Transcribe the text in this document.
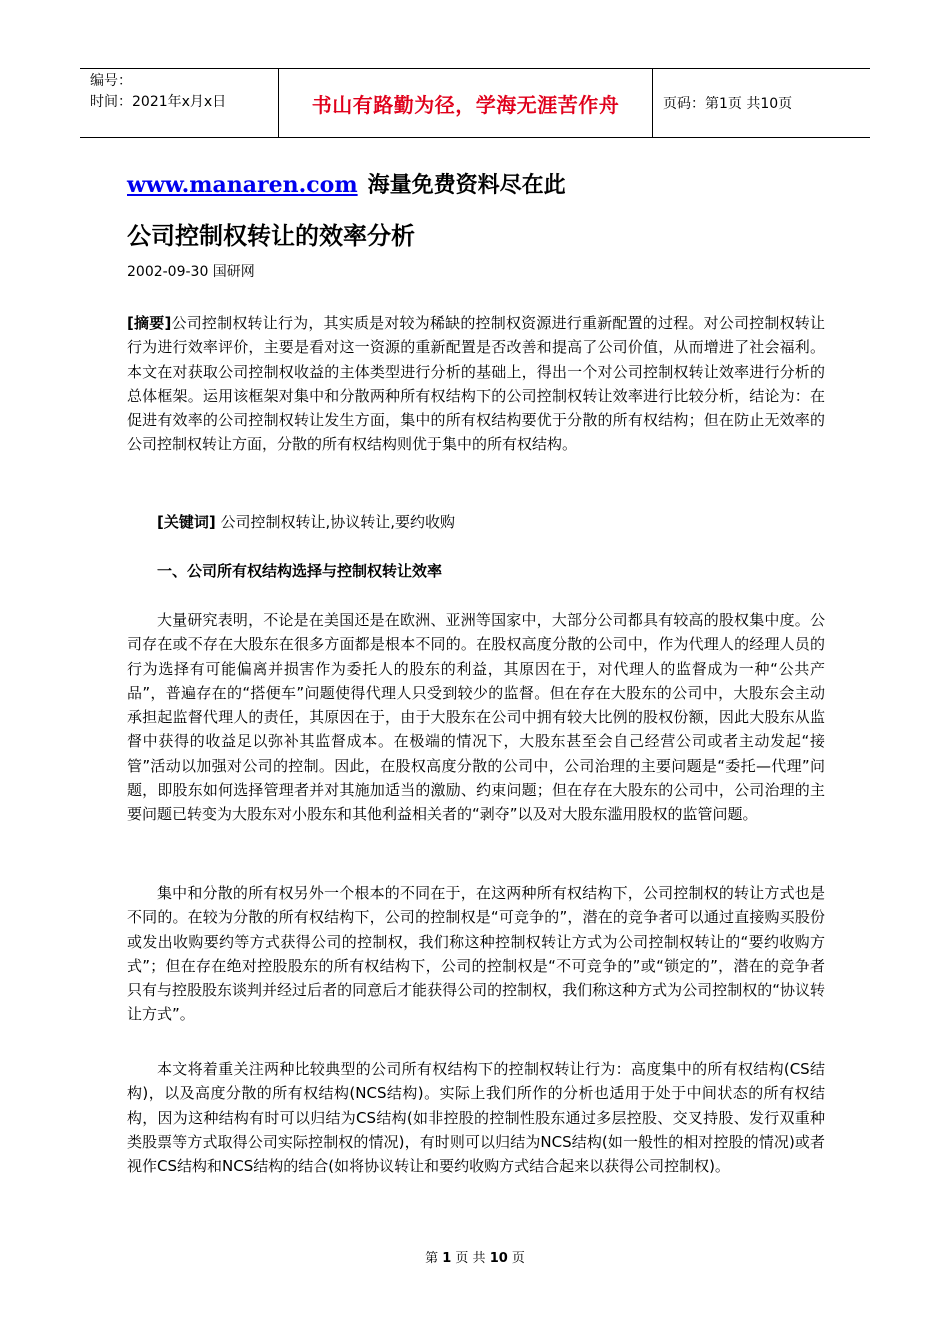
编号：
时间：2021年x月x日	书山有路勤为径，学海无涯苦作舟	页码：第1页 共10页
www.manaren.com 海量免费资料尽在此
公司控制权转让的效率分析
2002-09-30 国研网

[摘要]公司控制权转让行为，其实质是对较为稀缺的控制权资源进行重新配置的过程。对公司控制权转让行为进行效率评价，主要是看对这一资源的重新配置是否改善和提高了公司价值，从而增进了社会福利。本文在对获取公司控制权收益的主体类型进行分析的基础上，得出一个对公司控制权转让效率进行分析的总体框架。运用该框架对集中和分散两种所有权结构下的公司控制权转让效率进行比较分析，结论为：在促进有效率的公司控制权转让发生方面，集中的所有权结构要优于分散的所有权结构；但在防止无效率的公司控制权转让方面，分散的所有权结构则优于集中的所有权结构。

[关键词] 公司控制权转让,协议转让,要约收购

一、公司所有权结构选择与控制权转让效率

大量研究表明，不论是在美国还是在欧洲、亚洲等国家中，大部分公司都具有较高的股权集中度。公司存在或不存在大股东在很多方面都是根本不同的。在股权高度分散的公司中，作为代理人的经理人员的行为选择有可能偏离并损害作为委托人的股东的利益，其原因在于，对代理人的监督成为一种“公共产品”，普遍存在的“搭便车”问题使得代理人只受到较少的监督。但在存在大股东的公司中，大股东会主动承担起监督代理人的责任，其原因在于，由于大股东在公司中拥有较大比例的股权份额，因此大股东从监督中获得的收益足以弥补其监督成本。在极端的情况下，大股东甚至会自己经营公司或者主动发起“接管”活动以加强对公司的控制。因此，在股权高度分散的公司中，公司治理的主要问题是“委托—代理”问题，即股东如何选择管理者并对其施加适当的激励、约束问题；但在存在大股东的公司中，公司治理的主要问题已转变为大股东对小股东和其他利益相关者的“剥夺”以及对大股东滥用股权的监管问题。

集中和分散的所有权另外一个根本的不同在于，在这两种所有权结构下，公司控制权的转让方式也是不同的。在较为分散的所有权结构下，公司的控制权是“可竞争的”，潜在的竞争者可以通过直接购买股份或发出收购要约等方式获得公司的控制权，我们称这种控制权转让方式为公司控制权转让的“要约收购方式”；但在存在绝对控股股东的所有权结构下，公司的控制权是“不可竞争的”或“锁定的”，潜在的竞争者只有与控股股东谈判并经过后者的同意后才能获得公司的控制权，我们称这种方式为公司控制权的“协议转让方式”。

本文将着重关注两种比较典型的公司所有权结构下的控制权转让行为：高度集中的所有权结构(CS结构)，以及高度分散的所有权结构(NCS结构)。实际上我们所作的分析也适用于处于中间状态的所有权结构，因为这种结构有时可以归结为CS结构(如非控股的控制性股东通过多层控股、交叉持股、发行双重种类股票等方式取得公司实际控制权的情况)，有时则可以归结为NCS结构(如一般性的相对控股的情况)或者视作CS结构和NCS结构的结合(如将协议转让和要约收购方式结合起来以获得公司控制权)。

第 1 页 共 10 页
